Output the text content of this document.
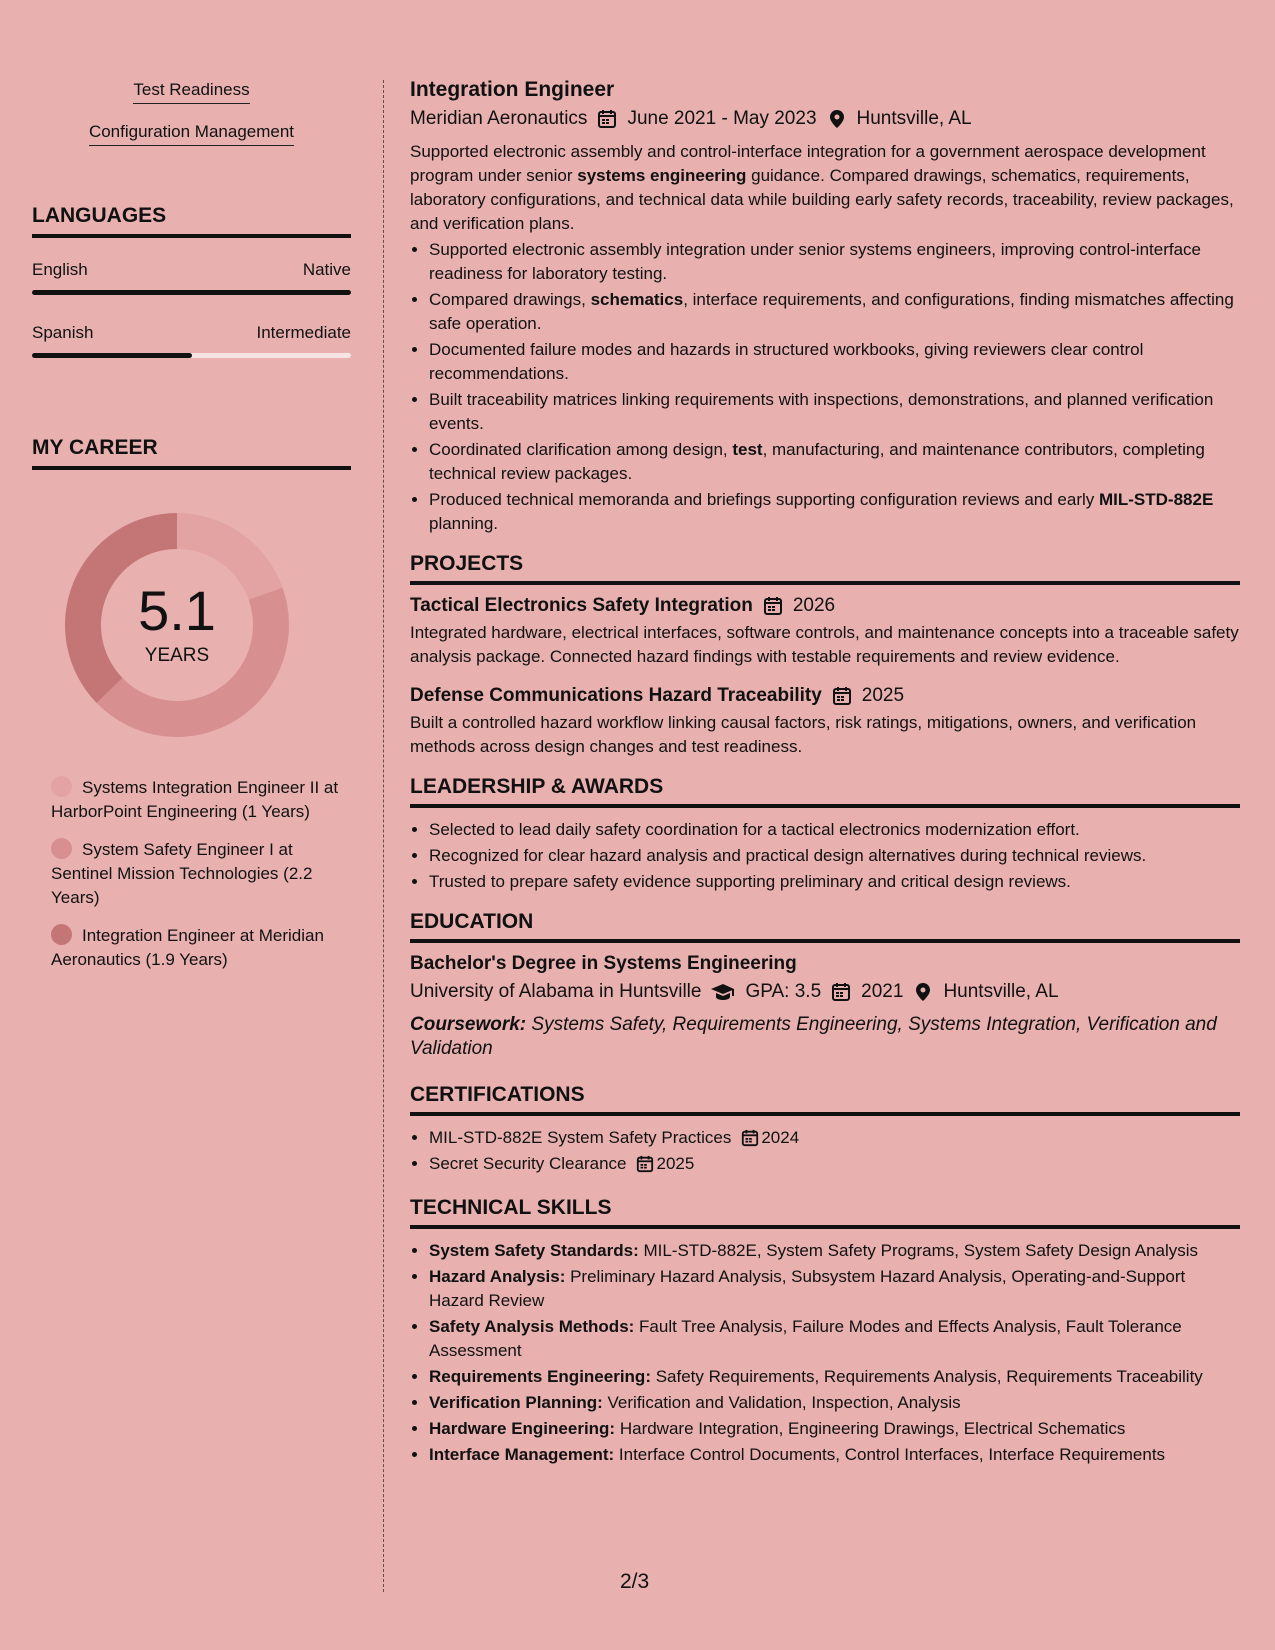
Test Readiness
Configuration Management
LANGUAGES
English	Native
Spanish	Intermediate
MY CAREER
5.1
YEARS
Systems Integration Engineer II at HarborPoint Engineering (1 Years)
System Safety Engineer I at Sentinel Mission Technologies (2.2 Years)
Integration Engineer at Meridian Aeronautics (1.9 Years)
Integration Engineer
Meridian Aeronautics June 2021 - May 2023 Huntsville, AL

Supported electronic assembly and control-interface integration for a government aerospace development program under senior systems engineering guidance. Compared drawings, schematics, requirements, laboratory configurations, and technical data while building early safety records, traceability, review packages, and verification plans.

• Supported electronic assembly integration under senior systems engineers, improving control-interface readiness for laboratory testing.
• Compared drawings, schematics, interface requirements, and configurations, finding mismatches affecting safe operation.
• Documented failure modes and hazards in structured workbooks, giving reviewers clear control recommendations.
• Built traceability matrices linking requirements with inspections, demonstrations, and planned verification events.
• Coordinated clarification among design, test, manufacturing, and maintenance contributors, completing technical review packages.
• Produced technical memoranda and briefings supporting configuration reviews and early MIL-STD-882E planning.
PROJECTS
Tactical Electronics Safety Integration 2026

Integrated hardware, electrical interfaces, software controls, and maintenance concepts into a traceable safety analysis package. Connected hazard findings with testable requirements and review evidence.

Defense Communications Hazard Traceability 2025

Built a controlled hazard workflow linking causal factors, risk ratings, mitigations, owners, and verification methods across design changes and test readiness.

LEADERSHIP & AWARDS
• Selected to lead daily safety coordination for a tactical electronics modernization effort.
• Recognized for clear hazard analysis and practical design alternatives during technical reviews.
• Trusted to prepare safety evidence supporting preliminary and critical design reviews.
EDUCATION
Bachelor's Degree in Systems Engineering
University of Alabama in Huntsville GPA: 3.5 2021 Huntsville, AL
Coursework: Systems Safety, Requirements Engineering, Systems Integration, Verification and Validation
CERTIFICATIONS
• MIL-STD-882E System Safety Practices 2024
• Secret Security Clearance 2025
TECHNICAL SKILLS
• System Safety Standards: MIL-STD-882E, System Safety Programs, System Safety Design Analysis
• Hazard Analysis: Preliminary Hazard Analysis, Subsystem Hazard Analysis, Operating-and-Support Hazard Review
• Safety Analysis Methods: Fault Tree Analysis, Failure Modes and Effects Analysis, Fault Tolerance Assessment
• Requirements Engineering: Safety Requirements, Requirements Analysis, Requirements Traceability
• Verification Planning: Verification and Validation, Inspection, Analysis
• Hardware Engineering: Hardware Integration, Engineering Drawings, Electrical Schematics
• Interface Management: Interface Control Documents, Control Interfaces, Interface Requirements
2/3
